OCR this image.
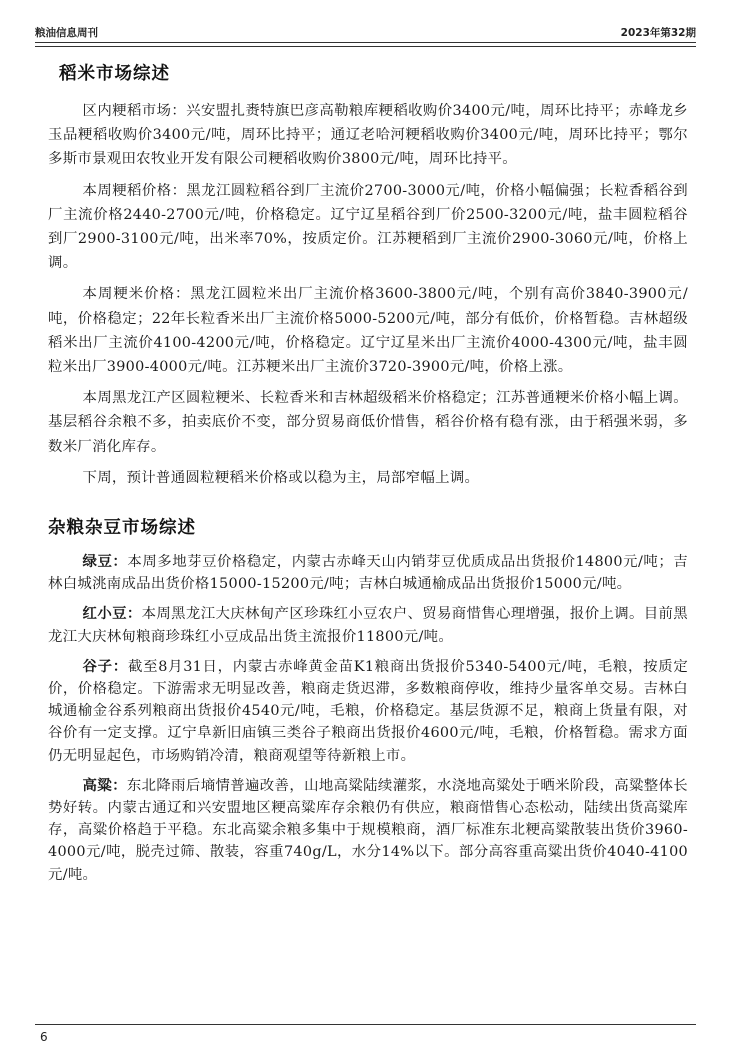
粮油信息周刊	2023年第32期
稻米市场综述

区内粳稻市场：兴安盟扎赉特旗巴彦高勒粮库粳稻收购价3400元/吨，周环比持平；赤峰龙乡玉品粳稻收购价3400元/吨，周环比持平；通辽老哈河粳稻收购价3400元/吨，周环比持平；鄂尔多斯市景观田农牧业开发有限公司粳稻收购价3800元/吨，周环比持平。

本周粳稻价格：黑龙江圆粒稻谷到厂主流价2700-3000元/吨，价格小幅偏强；长粒香稻谷到厂主流价格2440-2700元/吨，价格稳定。辽宁辽星稻谷到厂价2500-3200元/吨，盐丰圆粒稻谷到厂2900-3100元/吨，出米率70%，按质定价。江苏粳稻到厂主流价2900-3060元/吨，价格上调。

本周粳米价格：黑龙江圆粒米出厂主流价格3600-3800元/吨，个别有高价3840-3900元/吨，价格稳定；22年长粒香米出厂主流价格5000-5200元/吨，部分有低价，价格暂稳。吉林超级稻米出厂主流价4100-4200元/吨，价格稳定。辽宁辽星米出厂主流价4000-4300元/吨，盐丰圆粒米出厂3900-4000元/吨。江苏粳米出厂主流价3720-3900元/吨，价格上涨。

本周黑龙江产区圆粒粳米、长粒香米和吉林超级稻米价格稳定；江苏普通粳米价格小幅上调。基层稻谷余粮不多，拍卖底价不变，部分贸易商低价惜售，稻谷价格有稳有涨，由于稻强米弱，多数米厂消化库存。

下周，预计普通圆粒粳稻米价格或以稳为主，局部窄幅上调。

杂粮杂豆市场综述

绿豆：本周多地芽豆价格稳定，内蒙古赤峰天山内销芽豆优质成品出货报价14800元/吨；吉林白城洮南成品出货价格15000-15200元/吨；吉林白城通榆成品出货报价15000元/吨。

红小豆：本周黑龙江大庆林甸产区珍珠红小豆农户、贸易商惜售心理增强，报价上调。目前黑龙江大庆林甸粮商珍珠红小豆成品出货主流报价11800元/吨。

谷子：截至8月31日，内蒙古赤峰黄金苗K1粮商出货报价5340-5400元/吨，毛粮，按质定价，价格稳定。下游需求无明显改善，粮商走货迟滞，多数粮商停收，维持少量客单交易。吉林白城通榆金谷系列粮商出货报价4540元/吨，毛粮，价格稳定。基层货源不足，粮商上货量有限，对谷价有一定支撑。辽宁阜新旧庙镇三类谷子粮商出货报价4600元/吨，毛粮，价格暂稳。需求方面仍无明显起色，市场购销冷清，粮商观望等待新粮上市。

高粱：东北降雨后墒情普遍改善，山地高粱陆续灌浆，水浇地高粱处于晒米阶段，高粱整体长势好转。内蒙古通辽和兴安盟地区粳高粱库存余粮仍有供应，粮商惜售心态松动，陆续出货高粱库存，高粱价格趋于平稳。东北高粱余粮多集中于规模粮商，酒厂标准东北粳高粱散装出货价3960-4000元/吨，脱壳过筛、散装，容重740g/L，水分14%以下。部分高容重高粱出货价4040-4100元/吨。

6
